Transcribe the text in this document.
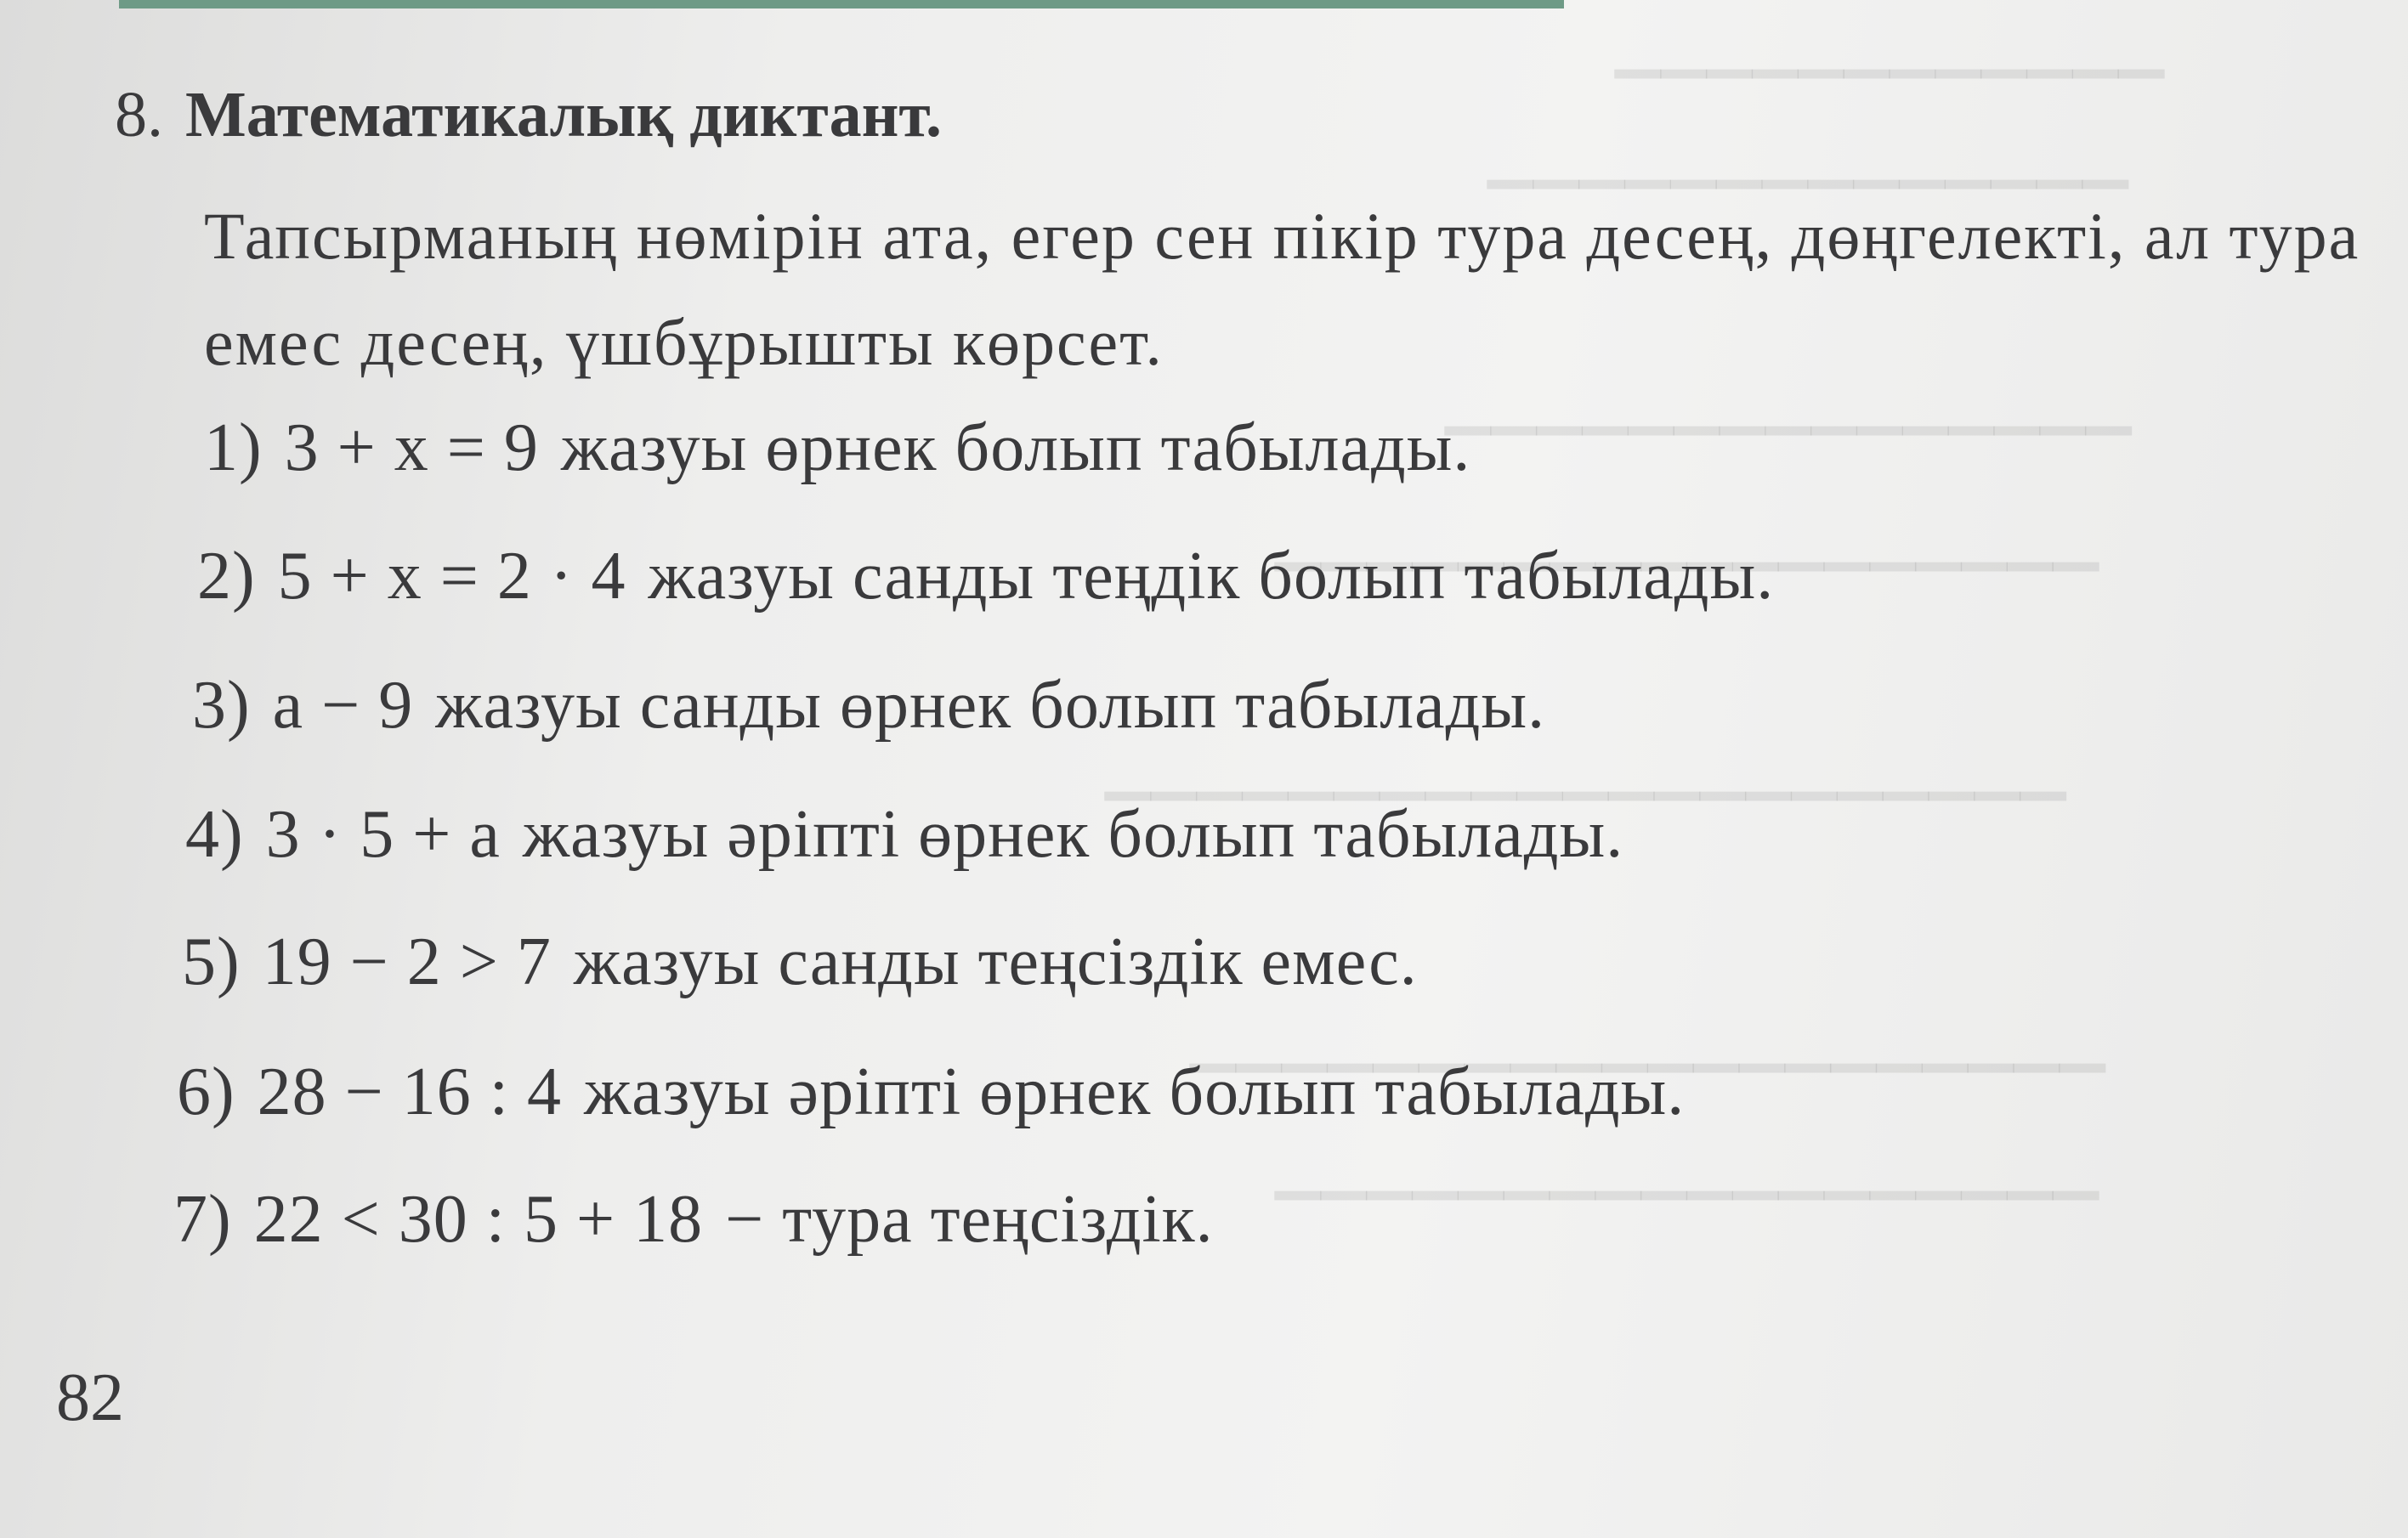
▁▁▁▁▁▁▁▁▁▁▁▁
▁▁▁▁▁▁▁▁▁▁▁▁▁▁
▁▁▁▁▁▁▁▁▁▁▁▁▁▁▁
▁▁▁▁▁▁▁▁▁▁▁▁▁▁▁▁▁▁
▁▁▁▁▁▁▁▁▁▁▁▁▁▁▁▁▁▁▁▁▁
▁▁▁▁▁▁▁▁▁▁▁▁▁▁▁▁▁▁▁▁
▁▁▁▁▁▁▁▁▁▁▁▁▁▁▁▁▁▁
8. Математикалық диктант.
Тапсырманың нөмірін ата, егер сен пікір тура десең, дөңгелекті, ал тура емес десең, үшбұрышты көрсет.
1) 3 + x = 9 жазуы өрнек болып табылады.
2) 5 + x = 2 · 4 жазуы санды теңдік болып табылады.
3) a − 9 жазуы санды өрнек болып табылады.
4) 3 · 5 + a жазуы әріпті өрнек болып табылады.
5) 19 − 2 > 7 жазуы санды теңсіздік емес.
6) 28 − 16 : 4 жазуы әріпті өрнек болып табылады.
7) 22 < 30 : 5 + 18 − тура теңсіздік.
82
